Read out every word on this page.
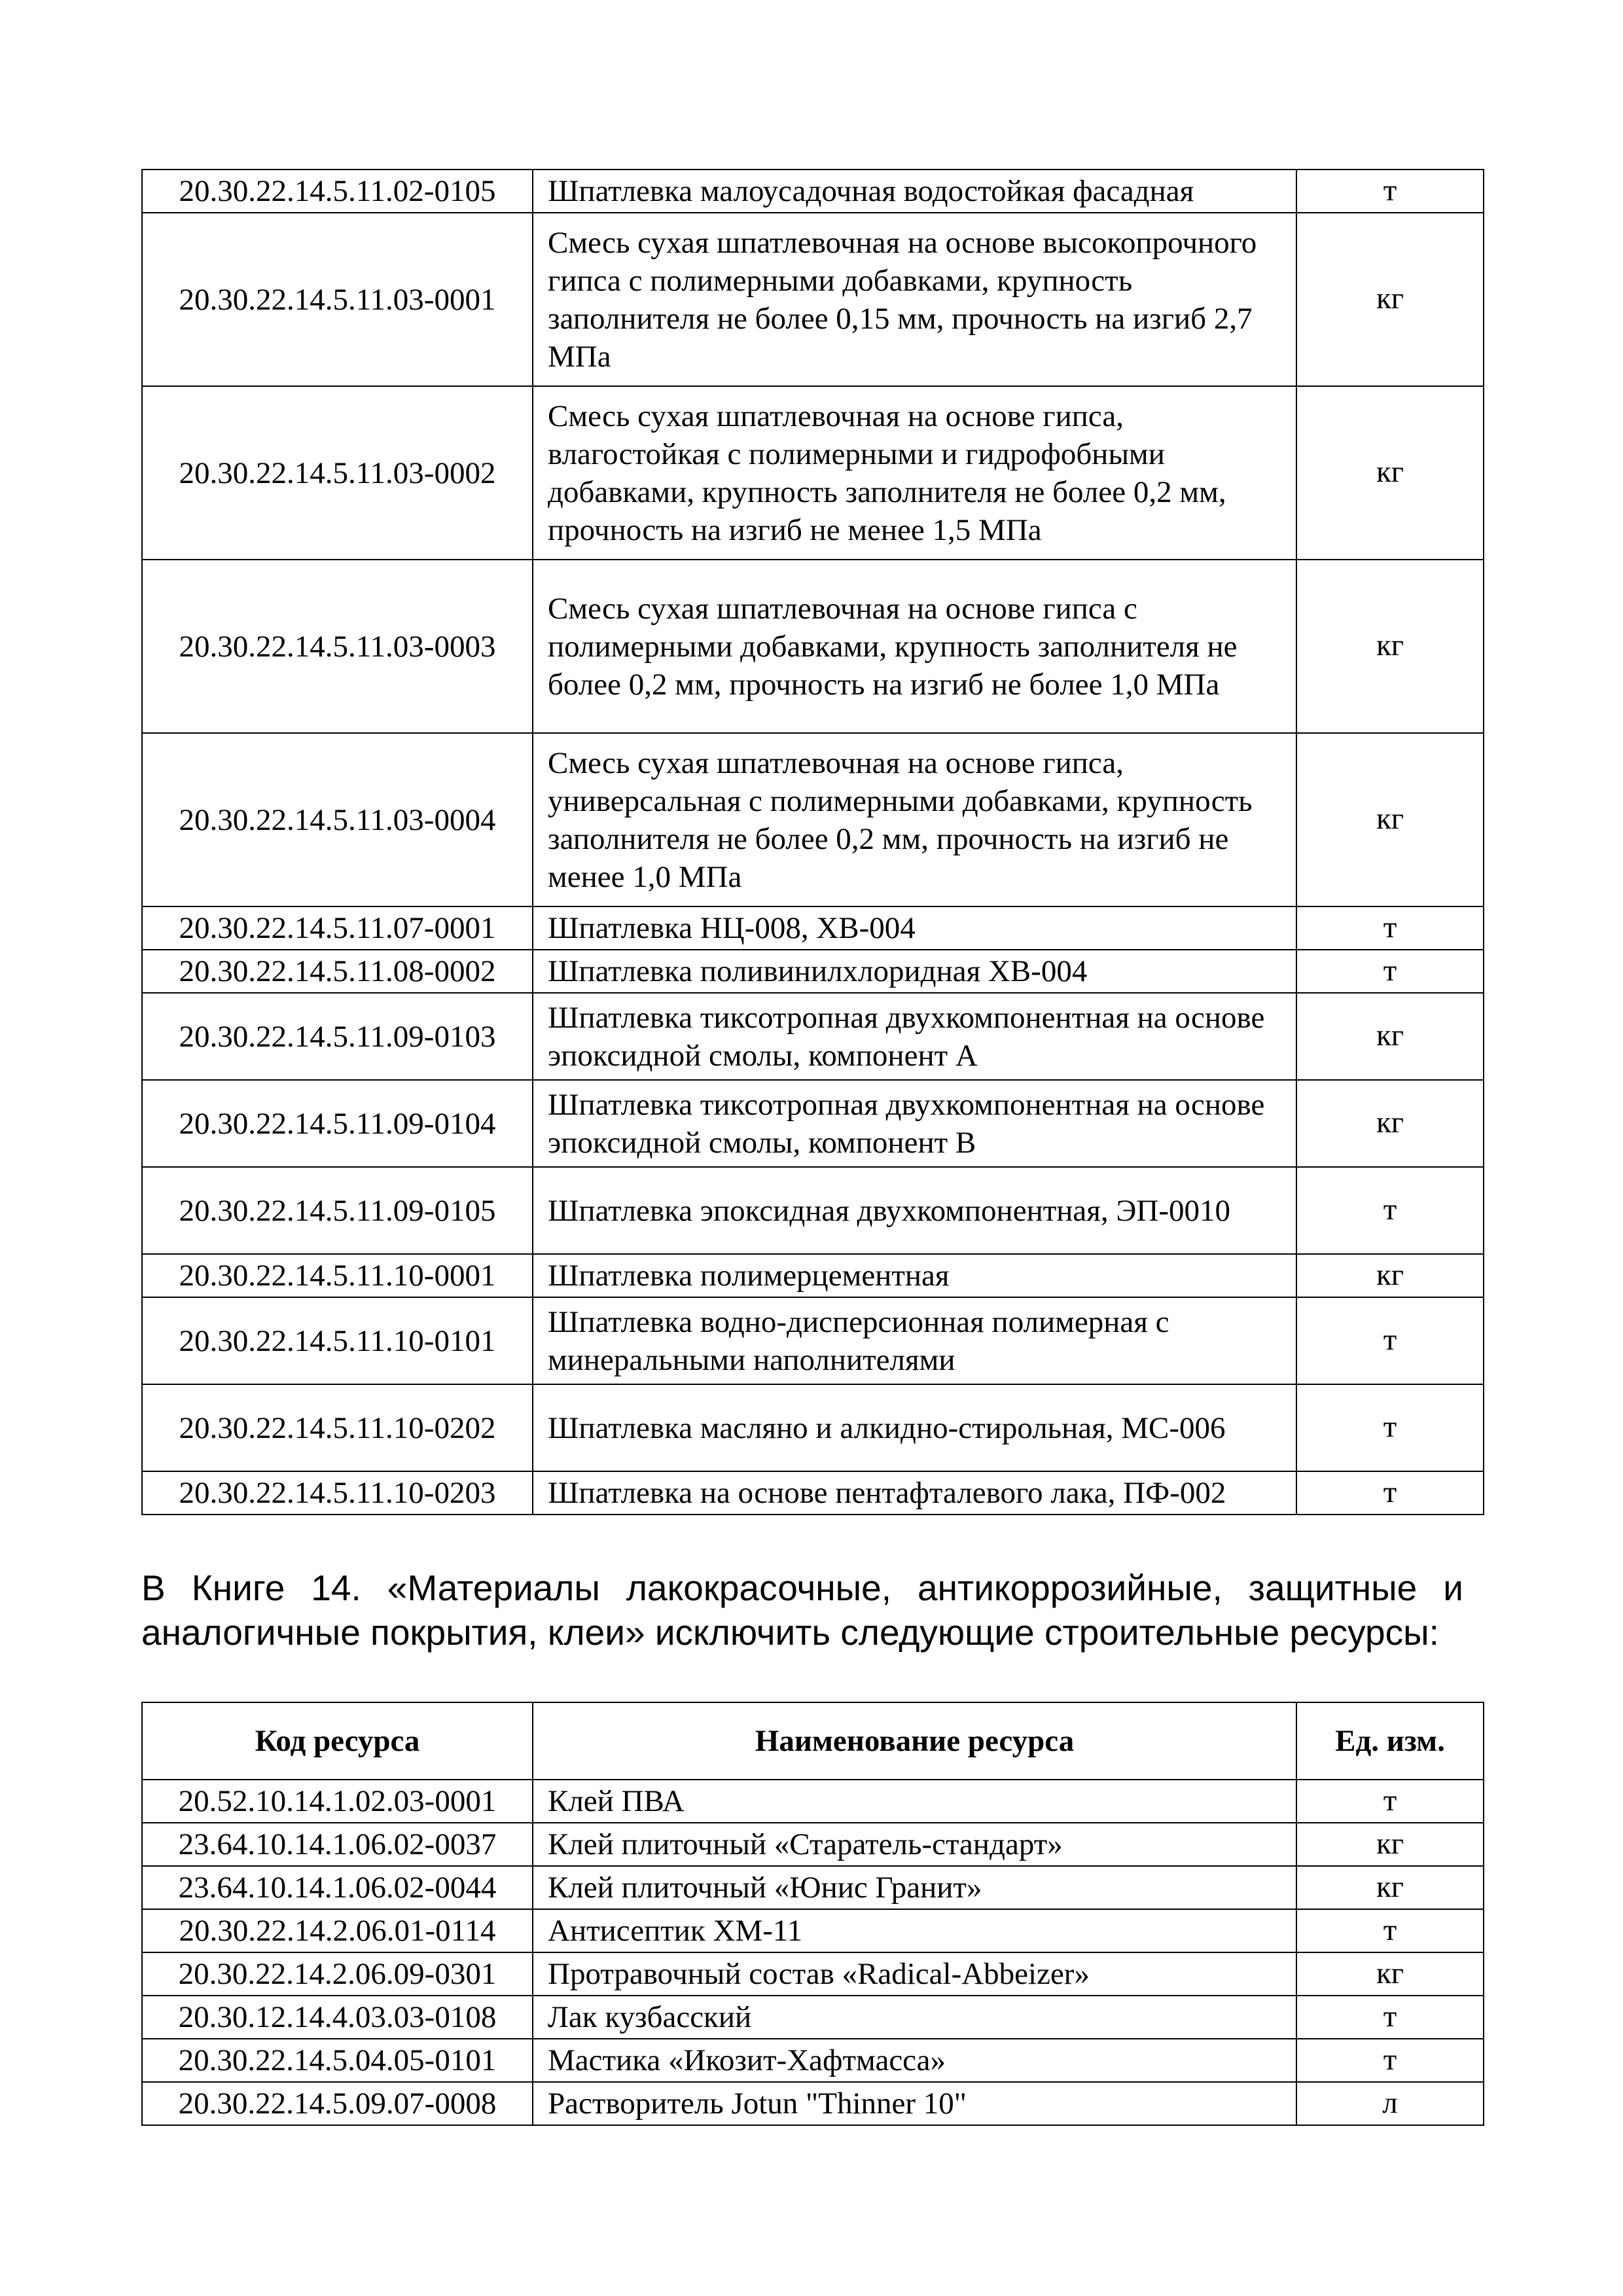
20.30.22.14.5.11.02-0105	Шпатлевка малоусадочная водостойкая фасадная	т
20.30.22.14.5.11.03-0001	Смесь сухая шпатлевочная на основе высокопрочного гипса с полимерными добавками, крупность заполнителя не более 0,15 мм, прочность на изгиб 2,7 МПа	кг
20.30.22.14.5.11.03-0002	Смесь сухая шпатлевочная на основе гипса, влагостойкая с полимерными и гидрофобными добавками, крупность заполнителя не более 0,2 мм, прочность на изгиб не менее 1,5 МПа	кг
20.30.22.14.5.11.03-0003	Смесь сухая шпатлевочная на основе гипса с полимерными добавками, крупность заполнителя не более 0,2 мм, прочность на изгиб не более 1,0 МПа	кг
20.30.22.14.5.11.03-0004	Смесь сухая шпатлевочная на основе гипса, универсальная с полимерными добавками, крупность заполнителя не более 0,2 мм, прочность на изгиб не менее 1,0 МПа	кг
20.30.22.14.5.11.07-0001	Шпатлевка НЦ-008, ХВ-004	т
20.30.22.14.5.11.08-0002	Шпатлевка поливинилхлоридная ХВ-004	т
20.30.22.14.5.11.09-0103	Шпатлевка тиксотропная двухкомпонентная на основе эпоксидной смолы, компонент А	кг
20.30.22.14.5.11.09-0104	Шпатлевка тиксотропная двухкомпонентная на основе эпоксидной смолы, компонент В	кг
20.30.22.14.5.11.09-0105	Шпатлевка эпоксидная двухкомпонентная, ЭП-0010	т
20.30.22.14.5.11.10-0001	Шпатлевка полимерцементная	кг
20.30.22.14.5.11.10-0101	Шпатлевка водно-дисперсионная полимерная с минеральными наполнителями	т
20.30.22.14.5.11.10-0202	Шпатлевка масляно и алкидно-стирольная, МС-006	т
20.30.22.14.5.11.10-0203	Шпатлевка на основе пентафталевого лака, ПФ-002	т

В Книге 14. «Материалы лакокрасочные, антикоррозийные, защитные и аналогичные покрытия, клеи» исключить следующие строительные ресурсы:

Код ресурса	Наименование ресурса	Ед. изм.
20.52.10.14.1.02.03-0001	Клей ПВА	т
23.64.10.14.1.06.02-0037	Клей плиточный «Старатель-стандарт»	кг
23.64.10.14.1.06.02-0044	Клей плиточный «Юнис Гранит»	кг
20.30.22.14.2.06.01-0114	Антисептик ХМ-11	т
20.30.22.14.2.06.09-0301	Протравочный состав «Radical-Abbeizer»	кг
20.30.12.14.4.03.03-0108	Лак кузбасский	т
20.30.22.14.5.04.05-0101	Мастика «Икозит-Хафтмасса»	т
20.30.22.14.5.09.07-0008	Растворитель Jotun "Thinner 10"	л
